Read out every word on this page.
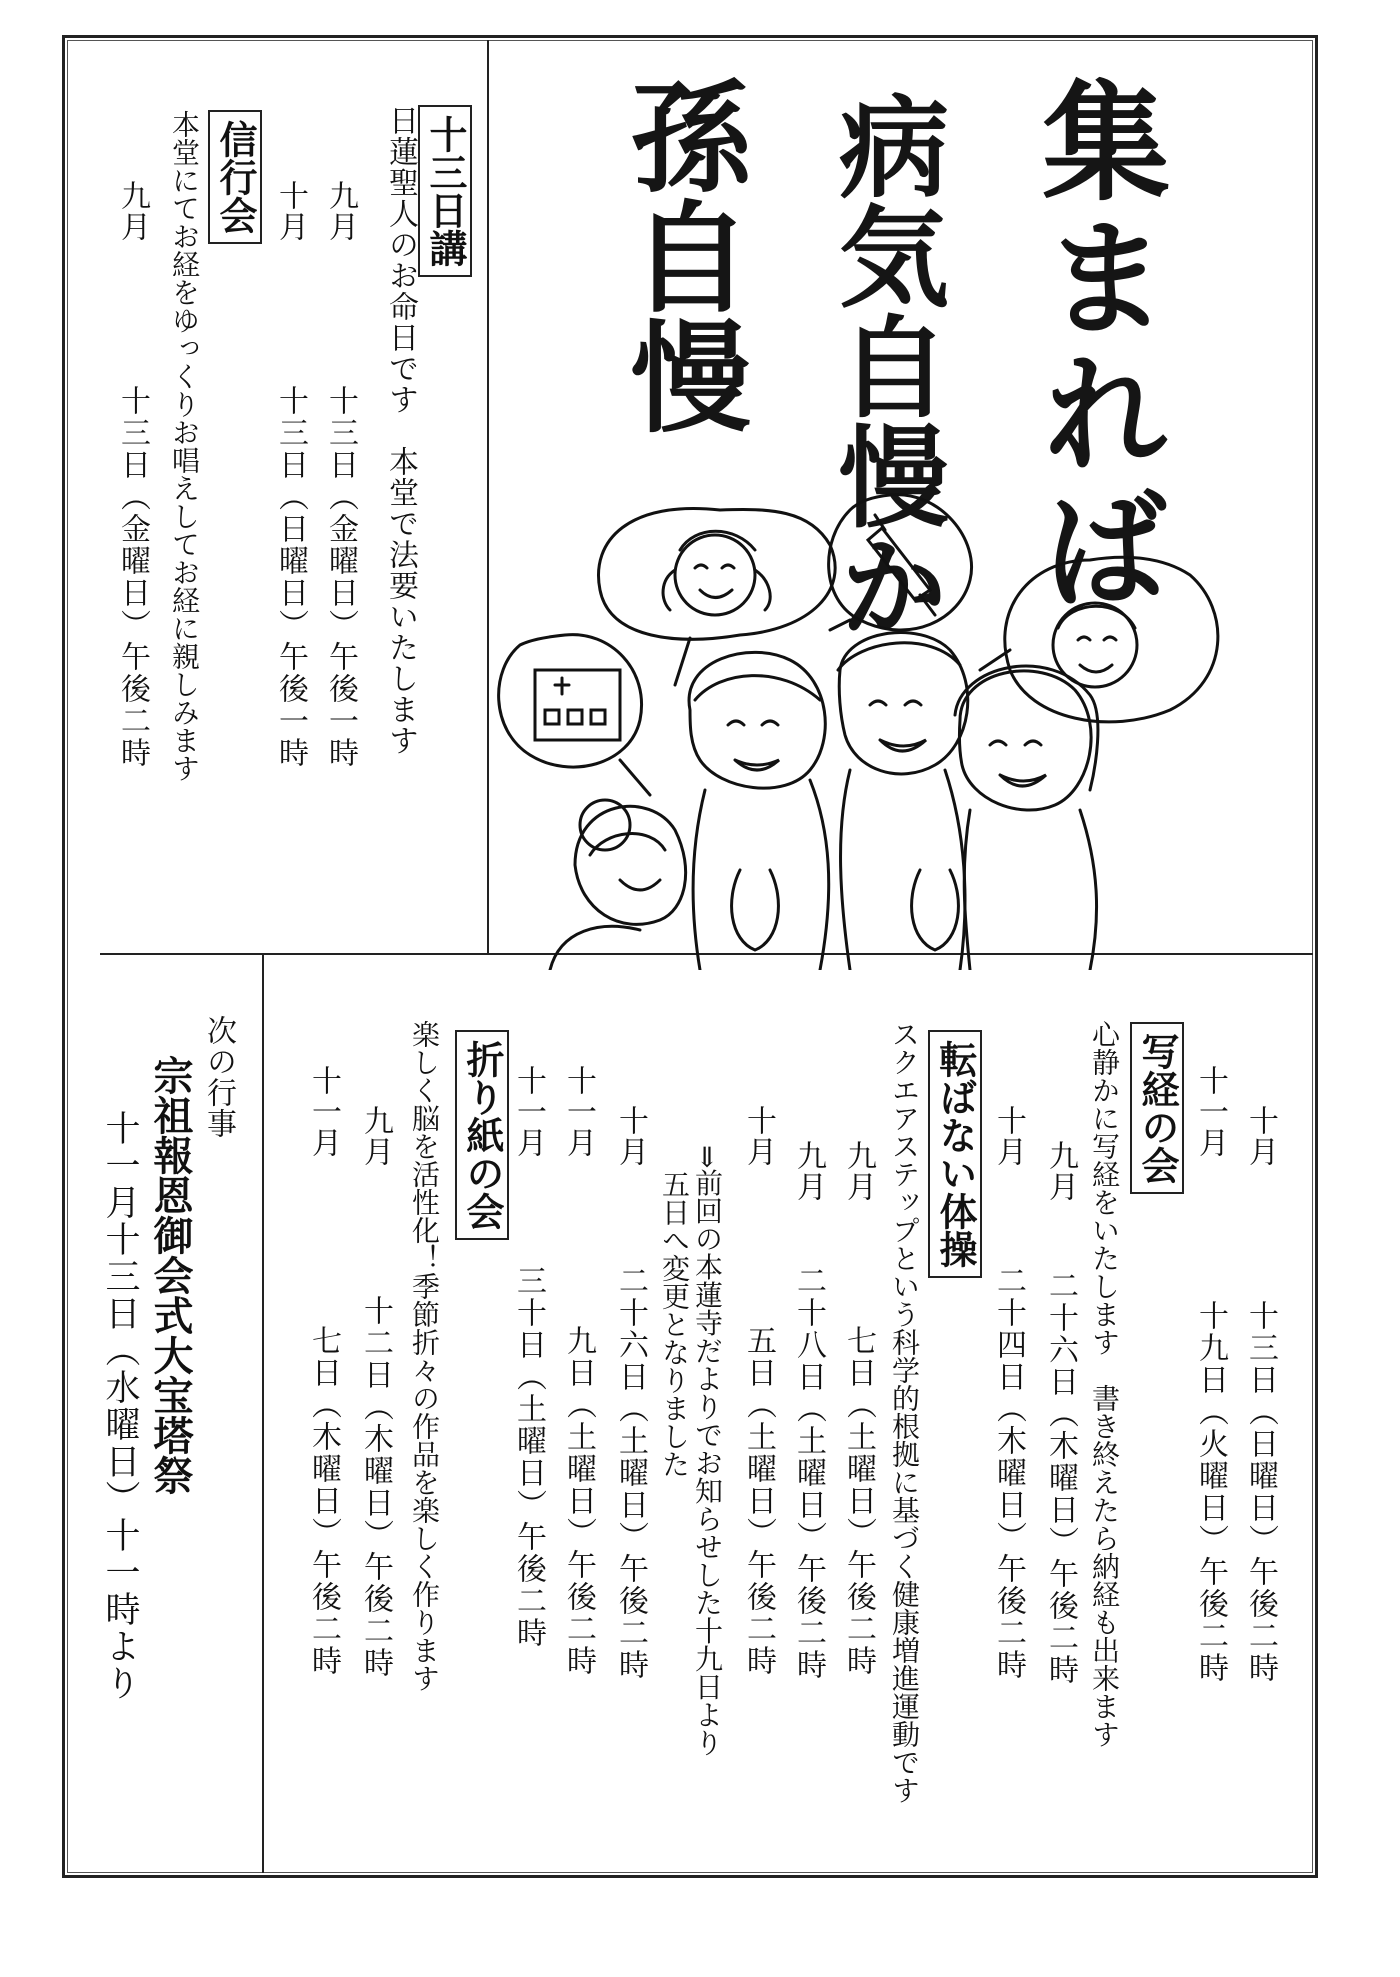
集まれば
病気自慢か
孫自慢
十三日講
日蓮聖人のお命日です　本堂で法要いたします
九月
十三日（金曜日）午後一時
十月
十三日（日曜日）午後一時
信行会
本堂にてお経をゆっくりお唱えしてお経に親しみます
九月
十三日（金曜日）午後二時
写経の会
心静かに写経をいたします　書き終えたら納経も出来ます	十月
十三日（日曜日）午後二時
十一月
十九日（火曜日）午後二時
九月
二十六日（木曜日）午後二時
十月
二十四日（木曜日）午後二時
転ばない体操
スクエアステップという科学的根拠に基づく健康増進運動です
九月
七日（土曜日）午後二時
九月
二十八日（土曜日）午後二時
十月
五日（土曜日）午後二時
⇒前回の本蓮寺だよりでお知らせした十九日より
五日へ変更となりました
十月
二十六日（土曜日）午後二時
十一月
九日（土曜日）午後二時
十一月
三十日（土曜日）午後二時
折り紙の会
楽しく脳を活性化！季節折々の作品を楽しく作ります
九月
十二日（木曜日）午後二時
十一月
七日（木曜日）午後二時
次の行事
宗祖報恩御会式大宝塔祭
十一月十三日（水曜日）十一時より
